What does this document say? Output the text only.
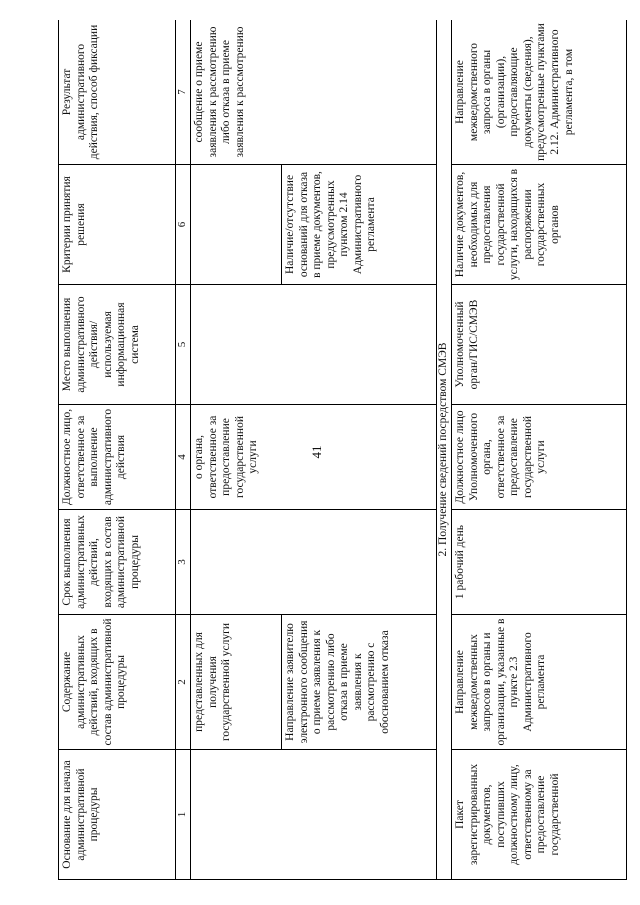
41
Основание для начала административной процедуры	Содержание административных действий, входящих в состав административной процедуры	Срок выполнения административных действий, входящих в состав административной процедуры	Должностное лицо, ответственное за выполнение административного действия	Место выполнения административного действия/используемая информационная система	Критерии принятия решения	Результат административного действия, способ фиксации
1	2	3	4	5	6	7
	представленных для получения государственной услуги		о органа, ответственное за предоставление государственной услуги			сообщение о приеме заявления к рассмотрению либо отказа в приеме заявления к рассмотрению
	Направление заявителю электронного сообщения о приеме заявления к рассмотрению либо отказа в приеме заявления к рассмотрению с обоснованием отказа				Наличие/отсутствие оснований для отказа в приеме документов, предусмотренных пунктом 2.14 Административного регламента	
2. Получение сведений посредством СМЭВ						
Пакет зарегистрированных документов, поступивших должностному лицу, ответственному за предоставление государственной	Направление межведомственных запросов в органы и организации, указанные в пункте 2.3 Административного регламента	1 рабочий день	Должностное лицо Уполномоченного органа, ответственное за предоставление государственной услуги	Уполномоченный орган/ГИС/СМЭВ	Наличие документов, необходимых для предоставления государственной услуги, находящихся в распоряжении государственных органов	Направление межведомственного запроса в органы (организации), предоставляющие документы (сведения), предусмотренные пунктами 2.12. Административного регламента, в том
